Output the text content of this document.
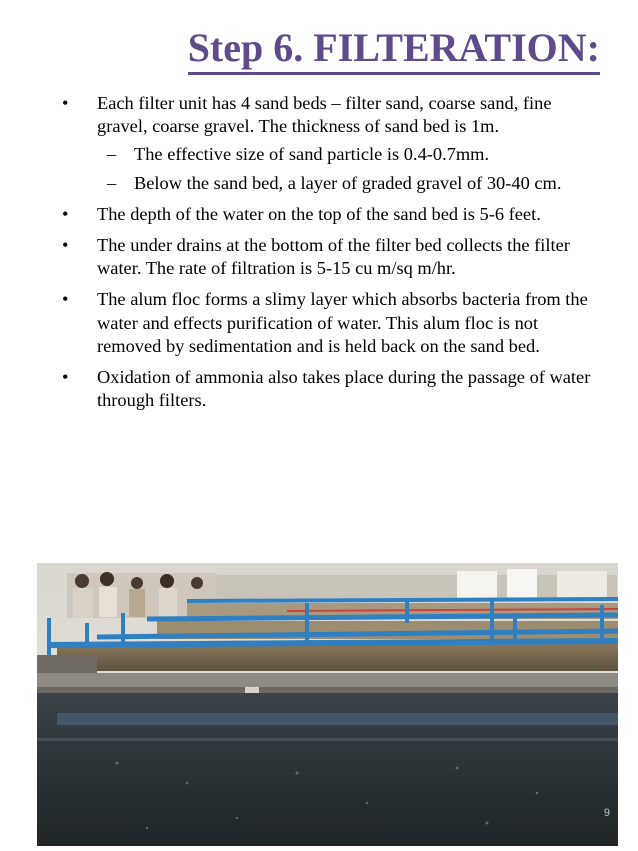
Step 6. FILTERATION:
• Each filter unit has 4 sand beds – filter sand, coarse sand, fine gravel, coarse gravel. The thickness of sand bed is 1m.
– The effective size of sand particle is 0.4-0.7mm.
– Below the sand bed, a layer of graded gravel of 30-40 cm.
• The depth of the water on the top of the sand bed is 5-6 feet.
• The under drains at the bottom of the filter bed collects the filter water. The rate of filtration is 5-15 cu m/sq m/hr.
• The alum floc forms a slimy layer which absorbs bacteria from the water and effects purification of water. This alum floc is not removed by sedimentation and is held back on the sand bed.
• Oxidation of ammonia also takes place during the passage of water through filters.
9
